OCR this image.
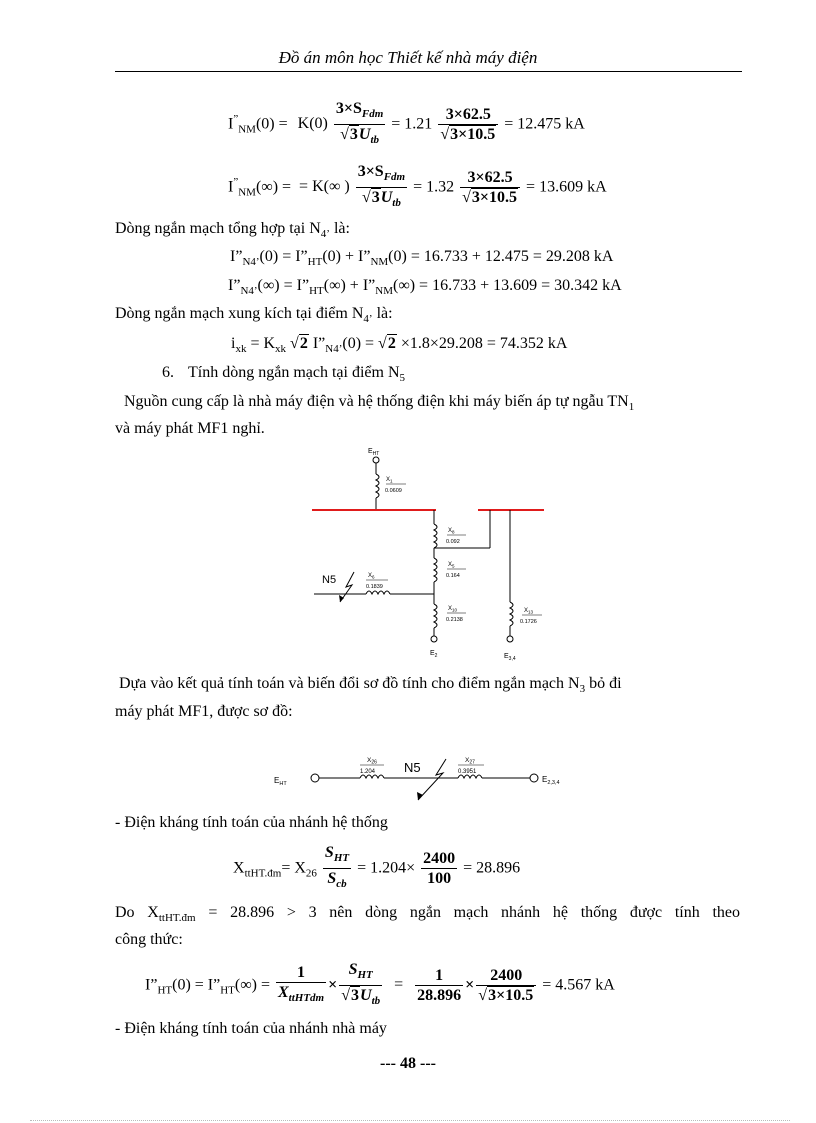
Đồ án môn học Thiết kế nhà máy điện
$I^”_{NM}(0) = K(0) \frac{3\times S_{Fdm}}{√3U_{tb}} = 1.21 \frac{3\times 62.5}{√3\times 10.5} = 12.475$ kA
$I^”_{NM}(\infty)$ = = K(∞ ) $\frac{3\times S_{Fdm}}{√3U_{tb}} = 1.32 \frac{3\times 62.5}{√3\times 10.5} = 13.609$ kA
Dòng ngắn mạch tổng hợp tại $N_{4’}$ là:
$I”_{N4’}(0)$ = $I”_{HT}(0)$ + $I”_{NM}(0) = 16.733 + 12.475 = 29.208$ kA
$I”_{N4’}(\infty)$ = $I”_{HT}(\infty)$ + $I”_{NM}(\infty) = 16.733 + 13.609 = 30.342$ kA
Dòng ngắn mạch xung kích tại điểm $N_{4’}$ là:
$i_{xk} = K_{xk}$ √2 $I”_{N4’}(0) = √2 \times 1.8\times 29.208 = 74.352$ kA
6. Tính dòng ngắn mạch tại điểm $N_5$
Nguồn cung cấp là nhà máy điện và hệ thống điện khi máy biến áp tự ngẫu $TN_1$
và máy phát MF1 nghỉ.
$E_{HT}$
$X_1$
0.0609
$X_8$
0.092
$X_5$
0.164
$X_6$
0.1839
N5
$X_{10}$
0.2138
$E_2$
$X_{13}$
0.1726
$E_{3,4}$
Dựa vào kết quả tính toán và biến đổi sơ đồ tính cho điểm ngắn mạch $N_3$ bỏ đi
máy phát MF1, được sơ đồ:
$E_{HT}$
$X_{26}$
1.204 N5	$X_{27}$
0.3951
$E_{2,3,4}$
- Điện kháng tính toán của nhánh hệ thống
$X_{ttHT.đm}= X_{26} \frac{S_{HT}}{S_{cb}} = 1.204\times \frac{2400}{100} = 28.896$
Do $X_{ttHT.đm} = 28.896 > 3$ nên dòng ngắn mạch nhánh hệ thống được tính theo
công thức:
$I”_{HT}(0)$ = $I”_{HT}(\infty) = \frac{1}{X_{ttHTdm}} \times \frac{S_{HT}}{√3U_{tb}} = \frac{1}{28.896} \times \frac{2400}{√3\times 10.5} = 4.567$ kA
- Điện kháng tính toán của nhánh nhà máy
--- 48 ---
